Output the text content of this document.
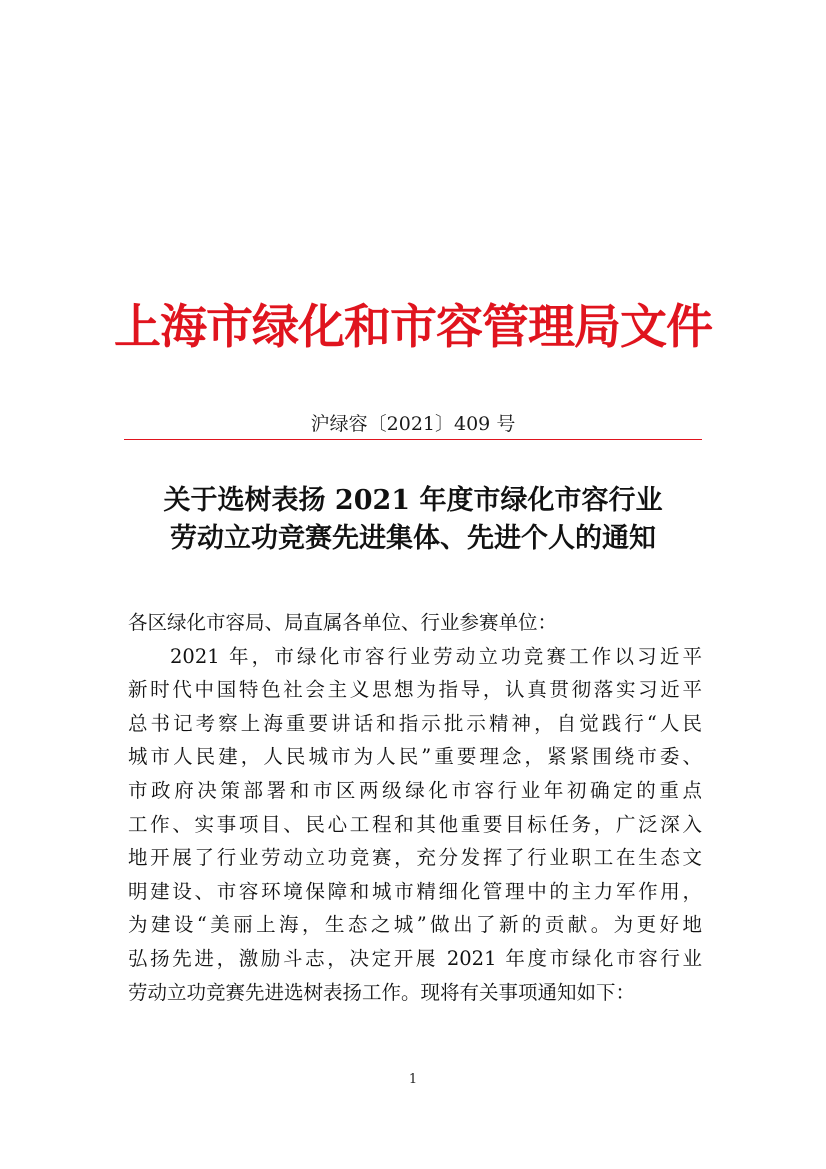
上海市绿化和市容管理局文件
沪绿容〔2021〕409 号
关于选树表扬 2021 年度市绿化市容行业
劳动立功竞赛先进集体、先进个人的通知

各区绿化市容局、局直属各单位、行业参赛单位：

2021 年，市绿化市容行业劳动立功竞赛工作以习近平
新时代中国特色社会主义思想为指导，认真贯彻落实习近平
总书记考察上海重要讲话和指示批示精神，自觉践行“人民
城市人民建，人民城市为人民”重要理念，紧紧围绕市委、
市政府决策部署和市区两级绿化市容行业年初确定的重点
工作、实事项目、民心工程和其他重要目标任务，广泛深入
地开展了行业劳动立功竞赛，充分发挥了行业职工在生态文
明建设、市容环境保障和城市精细化管理中的主力军作用，
为建设“美丽上海，生态之城”做出了新的贡献。为更好地
弘扬先进，激励斗志，决定开展 2021 年度市绿化市容行业
劳动立功竞赛先进选树表扬工作。现将有关事项通知如下：

1
